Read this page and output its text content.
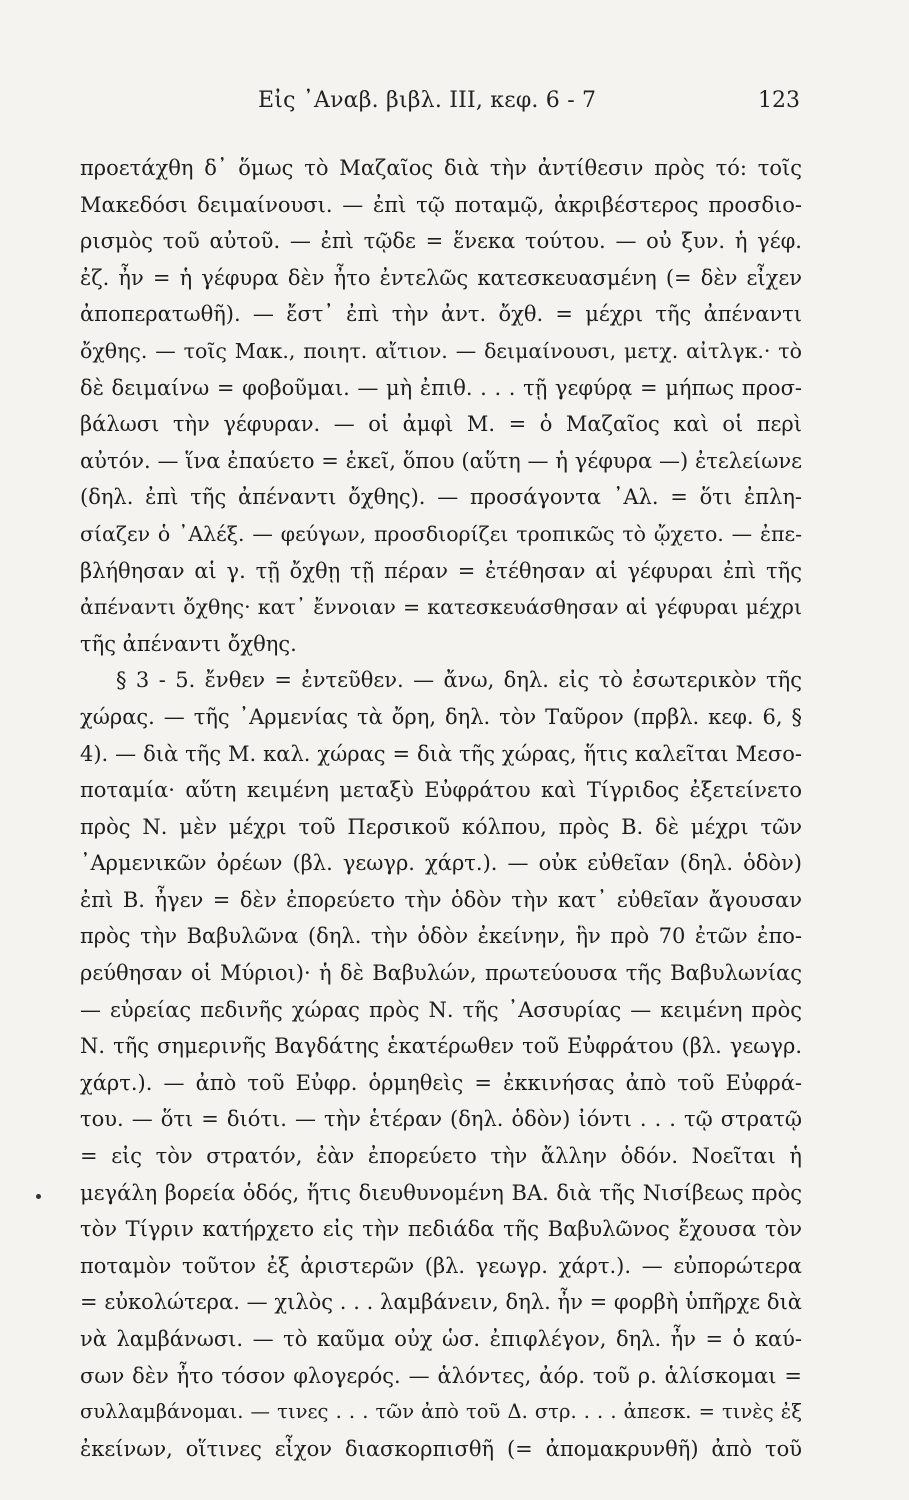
Εἰς ᾿Αναβ. βιβλ. III, κεφ. 6 - 7	123
προετάχθη δ᾿ ὅμως τὸ Μαζαῖος διὰ τὴν ἀντίθεσιν πρὸς τό: τοῖς
Μακεδόσι δειμαίνουσι. — ἐπὶ τῷ ποταμῷ, ἀκριβέστερος προσδιο-
ρισμὸς τοῦ αὐτοῦ. — ἐπὶ τῷδε = ἕνεκα τούτου. — οὐ ξυν. ἡ γέφ.
ἐζ. ἦν = ἡ γέφυρα δὲν ἦτο ἐντελῶς κατεσκευασμένη (= δὲν εἶχεν
ἀποπερατωθῆ). — ἔστ᾿ ἐπὶ τὴν ἀντ. ὄχθ. = μέχρι τῆς ἀπέναντι
ὄχθης. — τοῖς Μακ., ποιητ. αἴτιον. — δειμαίνουσι, μετχ. αἰτλγκ.· τὸ
δὲ δειμαίνω = φοβοῦμαι. — μὴ ἐπιθ. . . . τῇ γεφύρᾳ = μήπως προσ-
βάλωσι τὴν γέφυραν. — οἱ ἀμφὶ Μ. = ὁ Μαζαῖος καὶ οἱ περὶ
αὐτόν. — ἵνα ἐπαύετο = ἐκεῖ, ὅπου (αὕτη — ἡ γέφυρα —) ἐτελείωνε
(δηλ. ἐπὶ τῆς ἀπέναντι ὄχθης). — προσάγοντα ᾿Αλ. = ὅτι ἐπλη-
σίαζεν ὁ ᾿Αλέξ. — φεύγων, προσδιορίζει τροπικῶς τὸ ᾤχετο. — ἐπε-
βλήθησαν αἱ γ. τῇ ὄχθῃ τῇ πέραν = ἐτέθησαν αἱ γέφυραι ἐπὶ τῆς
ἀπέναντι ὄχθης· κατ᾿ ἔννοιαν = κατεσκευάσθησαν αἱ γέφυραι μέχρι
τῆς ἀπέναντι ὄχθης.
§ 3 - 5. ἔνθεν = ἐντεῦθεν. — ἄνω, δηλ. εἰς τὸ ἐσωτερικὸν τῆς
χώρας. — τῆς ᾿Αρμενίας τὰ ὄρη, δηλ. τὸν Ταῦρον (πρβλ. κεφ. 6, §
4). — διὰ τῆς Μ. καλ. χώρας = διὰ τῆς χώρας, ἥτις καλεῖται Μεσο-
ποταμία· αὕτη κειμένη μεταξὺ Εὐφράτου καὶ Τίγριδος ἐξετείνετο
πρὸς Ν. μὲν μέχρι τοῦ Περσικοῦ κόλπου, πρὸς Β. δὲ μέχρι τῶν
᾿Αρμενικῶν ὀρέων (βλ. γεωγρ. χάρτ.). — οὐκ εὐθεῖαν (δηλ. ὁδὸν)
ἐπὶ Β. ἦγεν = δὲν ἐπορεύετο τὴν ὁδὸν τὴν κατ᾿ εὐθεῖαν ἄγουσαν
πρὸς τὴν Βαβυλῶνα (δηλ. τὴν ὁδὸν ἐκείνην, ἣν πρὸ 70 ἐτῶν ἐπο-
ρεύθησαν οἱ Μύριοι)· ἡ δὲ Βαβυλών, πρωτεύουσα τῆς Βαβυλωνίας
— εὐρείας πεδινῆς χώρας πρὸς Ν. τῆς ᾿Ασσυρίας — κειμένη πρὸς
Ν. τῆς σημερινῆς Βαγδάτης ἑκατέρωθεν τοῦ Εὐφράτου (βλ. γεωγρ.
χάρτ.). — ἀπὸ τοῦ Εὐφρ. ὁρμηθεὶς = ἐκκινήσας ἀπὸ τοῦ Εὐφρά-
του. — ὅτι = διότι. — τὴν ἑτέραν (δηλ. ὁδὸν) ἰόντι . . . τῷ στρατῷ
= εἰς τὸν στρατόν, ἐὰν ἐπορεύετο τὴν ἄλλην ὁδόν. Νοεῖται ἡ
μεγάλη βορεία ὁδός, ἥτις διευθυνομένη ΒΑ. διὰ τῆς Νισίβεως πρὸς
τὸν Τίγριν κατήρχετο εἰς τὴν πεδιάδα τῆς Βαβυλῶνος ἔχουσα τὸν
ποταμὸν τοῦτον ἐξ ἀριστερῶν (βλ. γεωγρ. χάρτ.). — εὐπορώτερα
= εὐκολώτερα. — χιλὸς . . . λαμβάνειν, δηλ. ἦν = φορβὴ ὑπῆρχε διὰ
νὰ λαμβάνωσι. — τὸ καῦμα οὐχ ὡσ. ἐπιφλέγον, δηλ. ἦν = ὁ καύ-
σων δὲν ἦτο τόσον φλογερός. — ἁλόντες, ἀόρ. τοῦ ρ. ἁλίσκομαι =
συλλαμβάνομαι. — τινες . . . τῶν ἀπὸ τοῦ Δ. στρ. . . . ἀπεσκ. = τινὲς ἐξ
ἐκείνων, οἵτινες εἶχον διασκορπισθῆ (= ἀπομακρυνθῆ) ἀπὸ τοῦ
